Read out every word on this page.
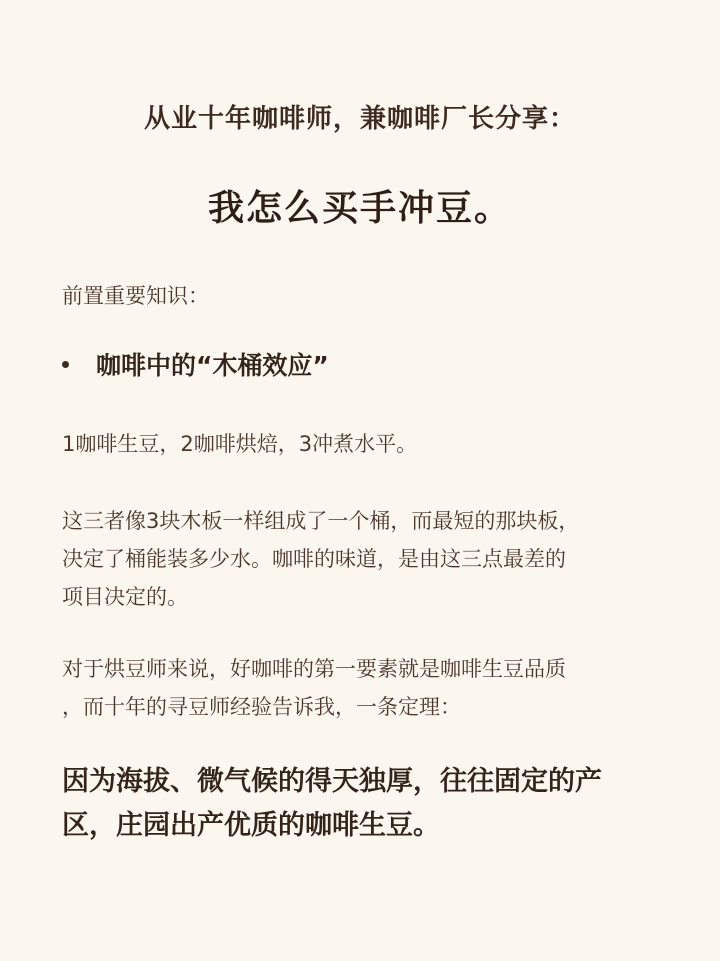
从业十年咖啡师，兼咖啡厂长分享：

我怎么买手冲豆。

前置重要知识：

咖啡中的“木桶效应”

1咖啡生豆，2咖啡烘焙，3冲煮水平。

这三者像3块木板一样组成了一个桶，而最短的那块板，
决定了桶能装多少水。咖啡的味道，是由这三点最差的
项目决定的。

对于烘豆师来说，好咖啡的第一要素就是咖啡生豆品质
，而十年的寻豆师经验告诉我，一条定理：

因为海拔、微气候的得天独厚，往往固定的产
区，庄园出产优质的咖啡生豆。
